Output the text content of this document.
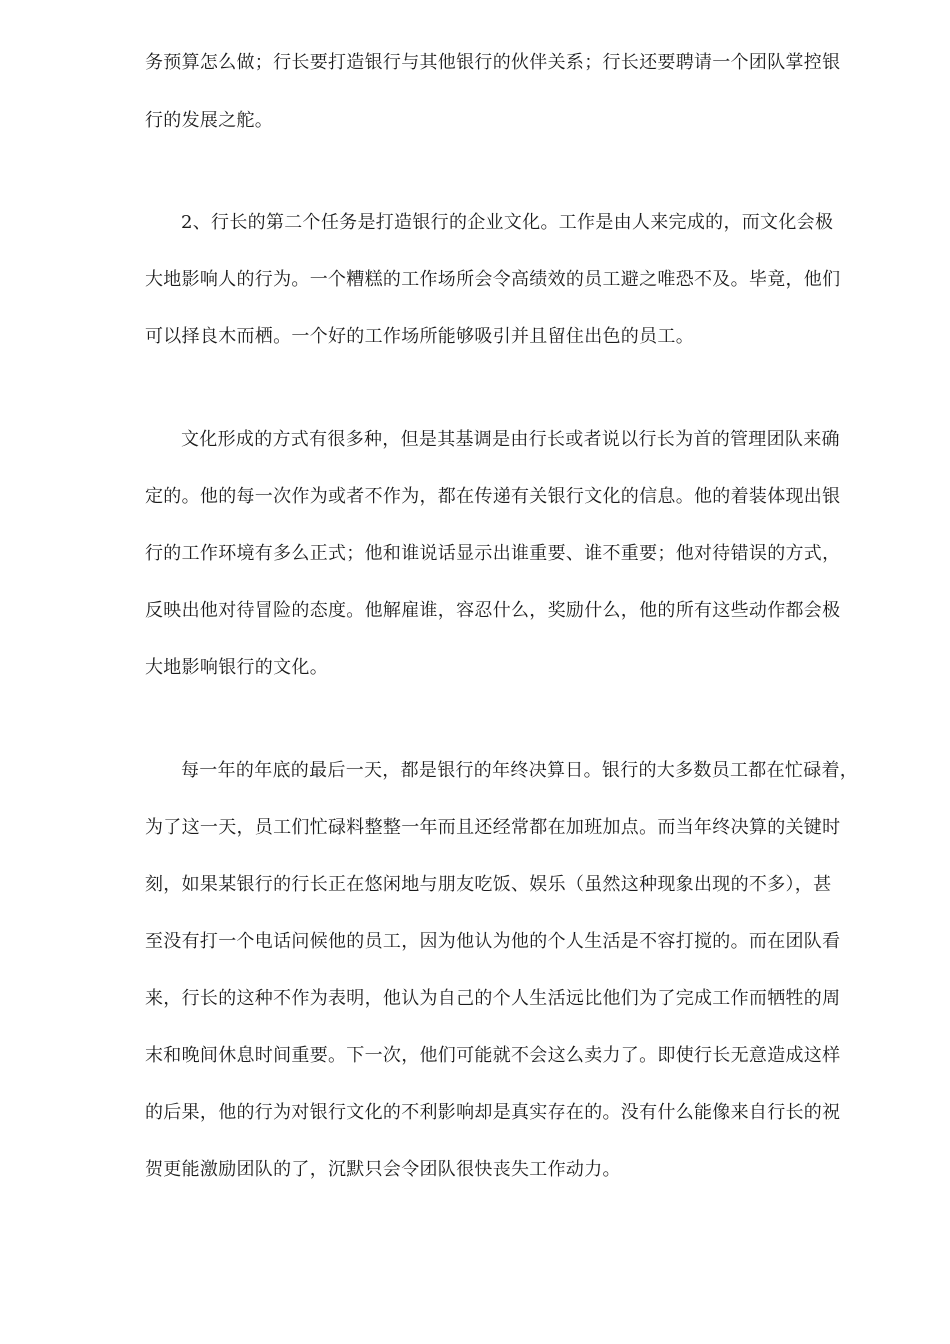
务预算怎么做；行长要打造银行与其他银行的伙伴关系；行长还要聘请一个团队掌控银
行的发展之舵。
2、行长的第二个任务是打造银行的企业文化。工作是由人来完成的，而文化会极
大地影响人的行为。一个糟糕的工作场所会令高绩效的员工避之唯恐不及。毕竟，他们
可以择良木而栖。一个好的工作场所能够吸引并且留住出色的员工。
文化形成的方式有很多种，但是其基调是由行长或者说以行长为首的管理团队来确
定的。他的每一次作为或者不作为，都在传递有关银行文化的信息。他的着装体现出银
行的工作环境有多么正式；他和谁说话显示出谁重要、谁不重要；他对待错误的方式，
反映出他对待冒险的态度。他解雇谁，容忍什么，奖励什么，他的所有这些动作都会极
大地影响银行的文化。
每一年的年底的最后一天，都是银行的年终决算日。银行的大多数员工都在忙碌着，
为了这一天，员工们忙碌料整整一年而且还经常都在加班加点。而当年终决算的关键时
刻，如果某银行的行长正在悠闲地与朋友吃饭、娱乐（虽然这种现象出现的不多），甚
至没有打一个电话问候他的员工，因为他认为他的个人生活是不容打搅的。而在团队看
来，行长的这种不作为表明，他认为自己的个人生活远比他们为了完成工作而牺牲的周
末和晚间休息时间重要。下一次，他们可能就不会这么卖力了。即使行长无意造成这样
的后果，他的行为对银行文化的不利影响却是真实存在的。没有什么能像来自行长的祝
贺更能激励团队的了，沉默只会令团队很快丧失工作动力。
